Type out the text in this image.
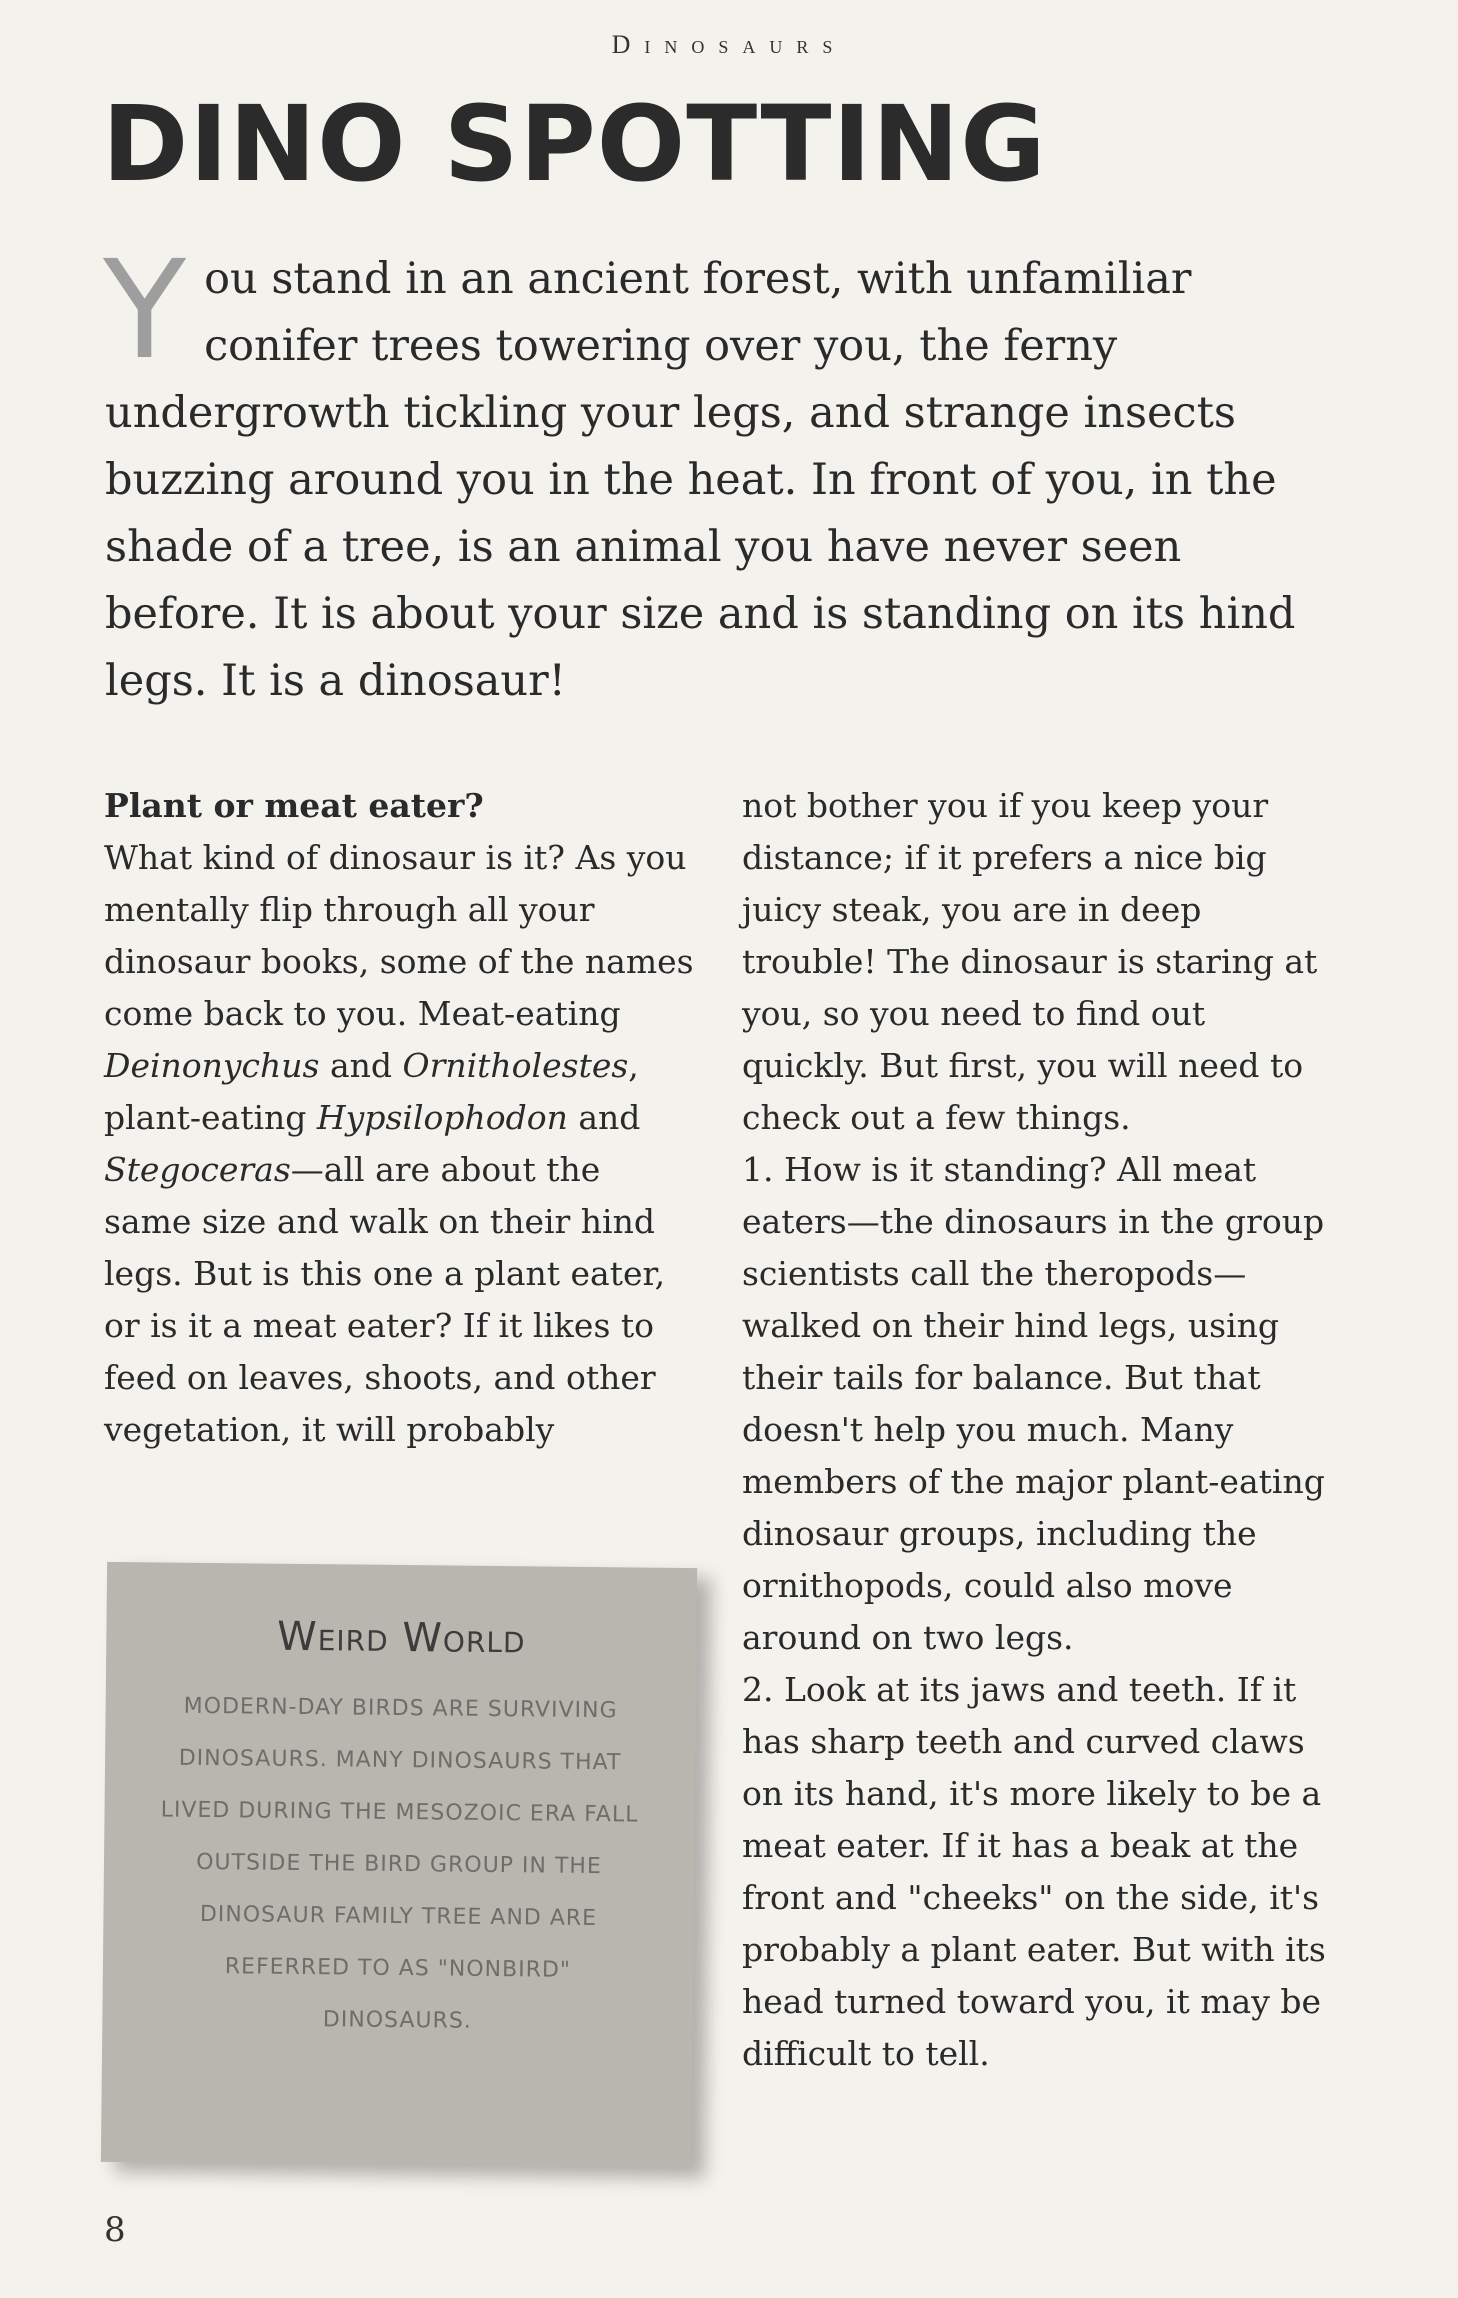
Dinosaurs
DINO SPOTTING

You stand in an ancient forest, with unfamiliar conifer trees towering over you, the ferny undergrowth tickling your legs, and strange insects buzzing around you in the heat. In front of you, in the shade of a tree, is an animal you have never seen before. It is about your size and is standing on its hind legs. It is a dinosaur!

Plant or meat eater?

What kind of dinosaur is it? As you mentally flip through all your dinosaur books, some of the names come back to you. Meat-eating Deinonychus and Ornitholestes, plant-eating Hypsilophodon and Stegoceras—all are about the same size and walk on their hind legs. But is this one a plant eater, or is it a meat eater? If it likes to feed on leaves, shoots, and other vegetation, it will probably

not bother you if you keep your distance; if it prefers a nice big juicy steak, you are in deep trouble! The dinosaur is staring at you, so you need to find out quickly. But first, you will need to check out a few things.

1. How is it standing? All meat eaters—the dinosaurs in the group scientists call the theropods—walked on their hind legs, using their tails for balance. But that doesn't help you much. Many members of the major plant-eating dinosaur groups, including the ornithopods, could also move around on two legs.
2. Look at its jaws and teeth. If it has sharp teeth and curved claws on its hand, it's more likely to be a meat eater. If it has a beak at the front and "cheeks" on the side, it's probably a plant eater. But with its head turned toward you, it may be difficult to tell.
Weird World
MODERN-DAY BIRDS ARE SURVIVING DINOSAURS. MANY DINOSAURS THAT LIVED DURING THE MESOZOIC ERA FALL OUTSIDE THE BIRD GROUP IN THE DINOSAUR FAMILY TREE AND ARE REFERRED TO AS "NONBIRD" DINOSAURS.
8
